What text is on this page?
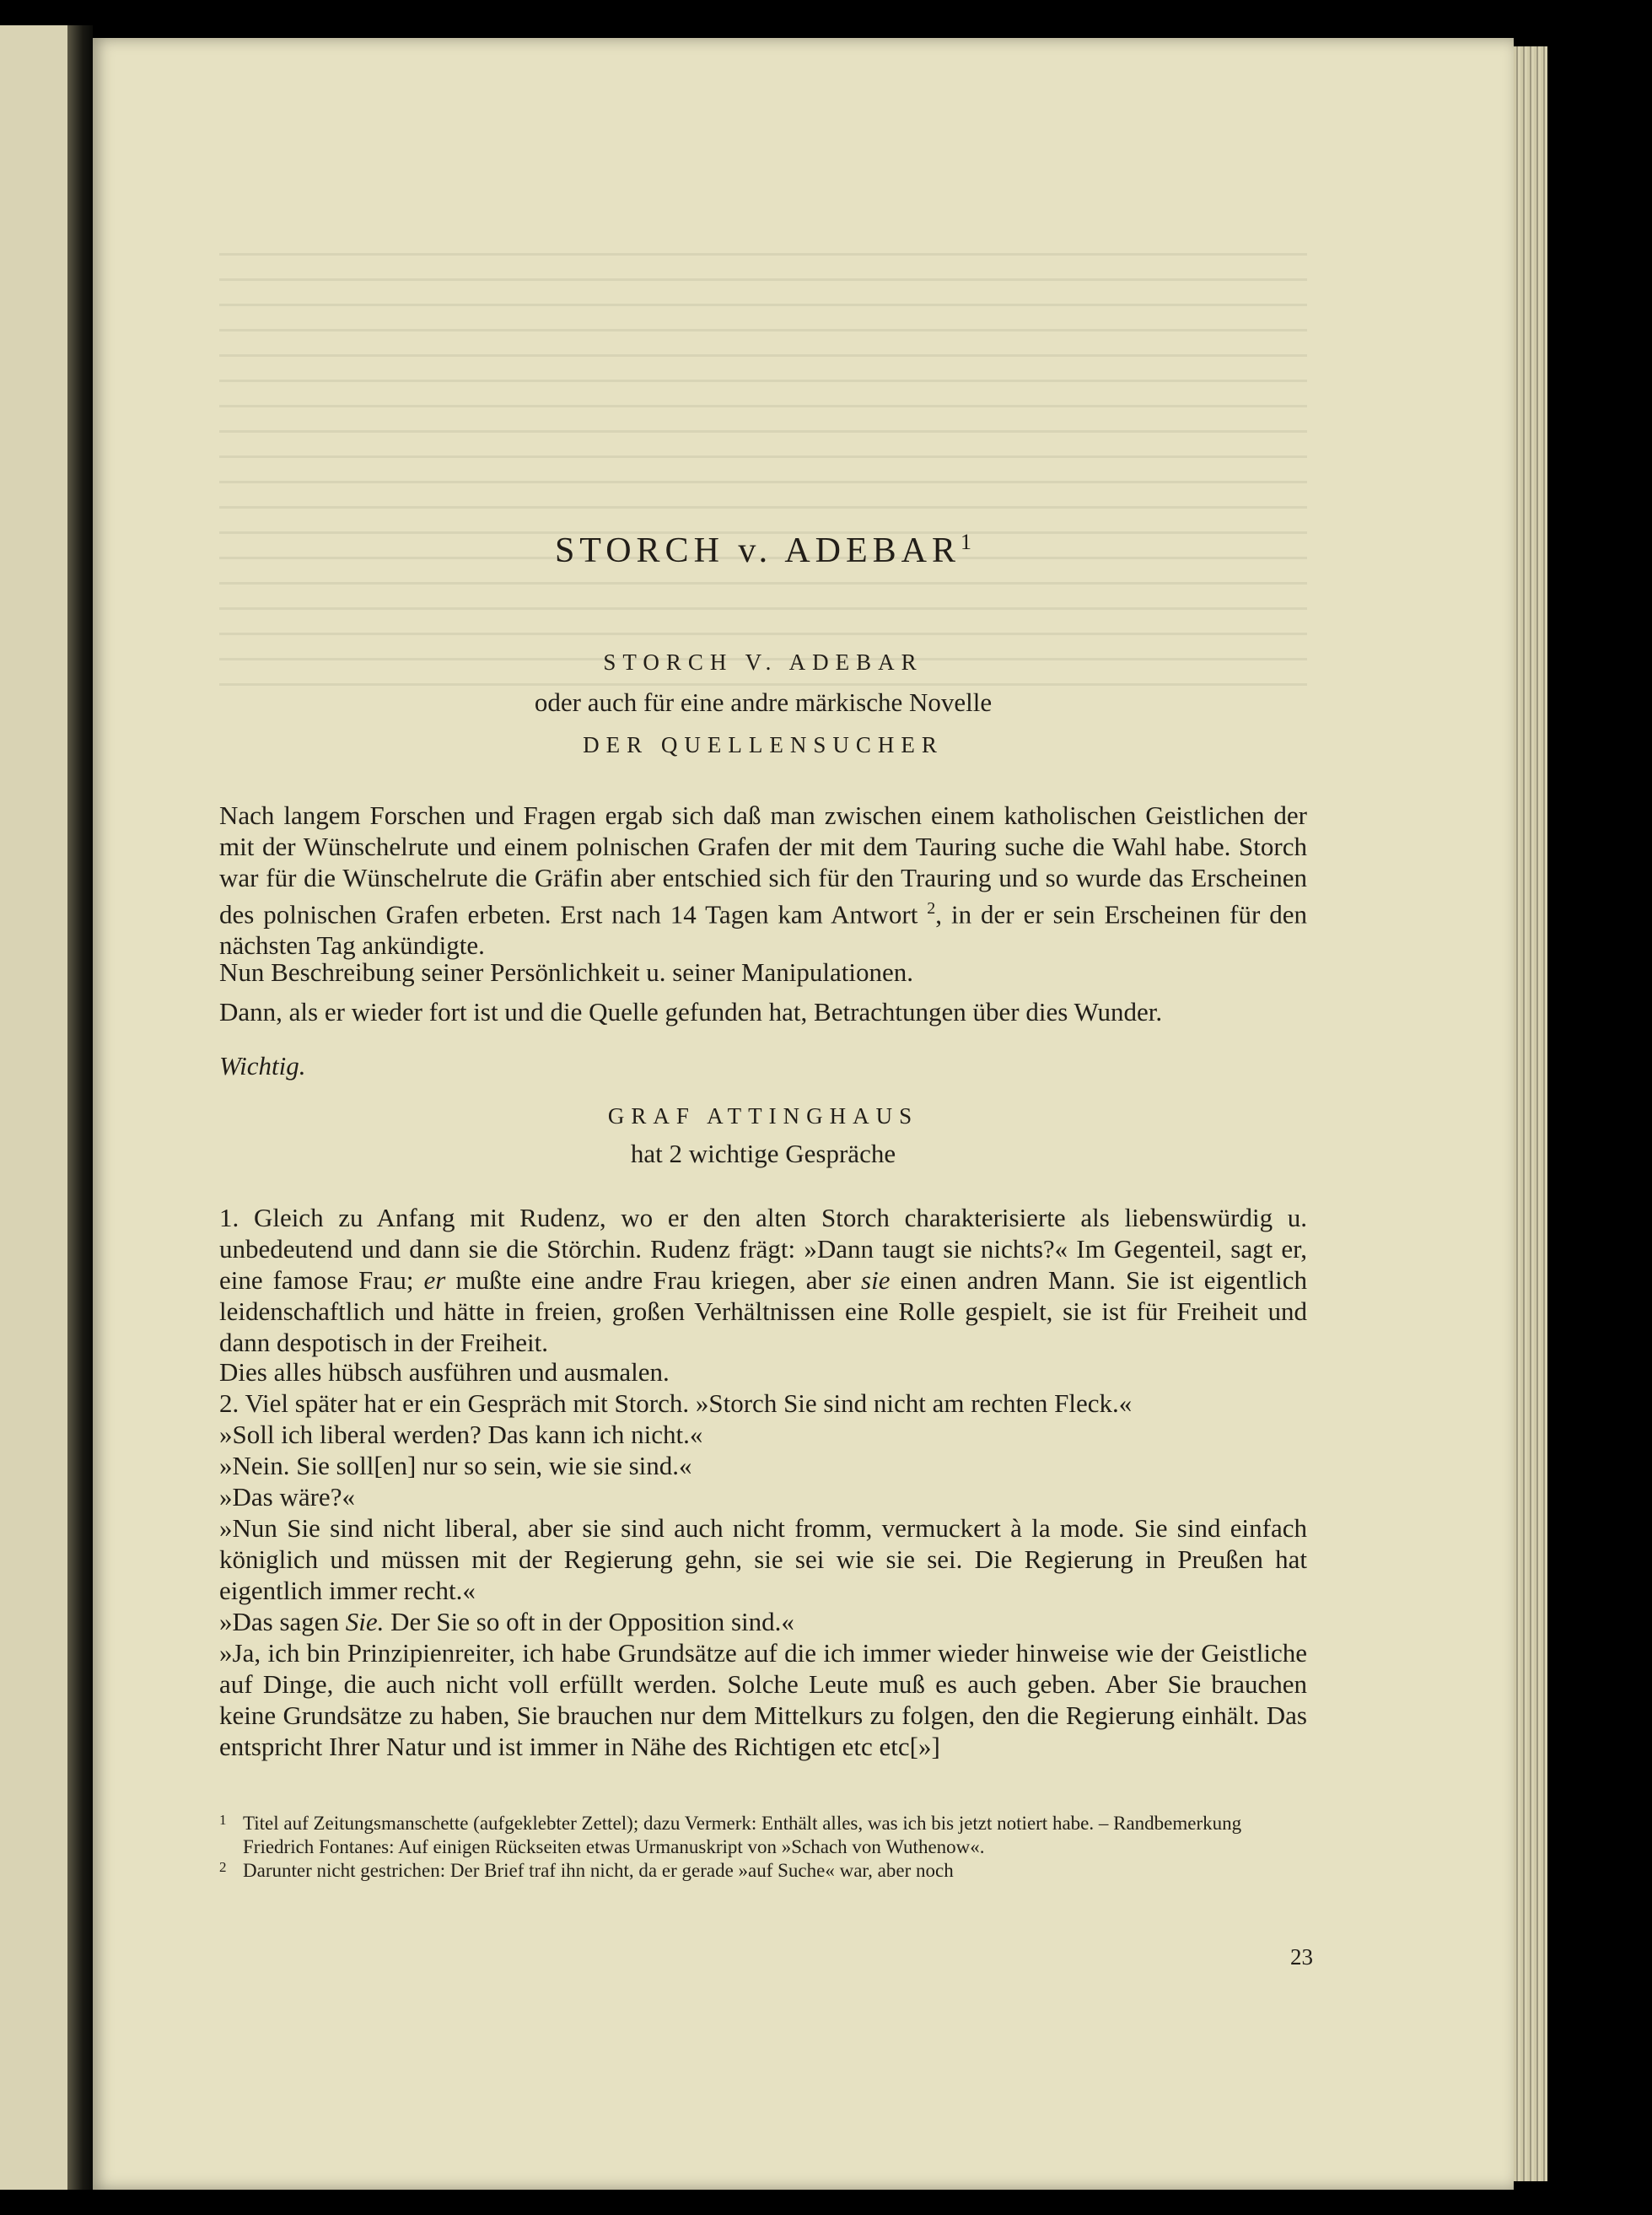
STORCH v. ADEBAR$^1$
STORCH V. ADEBAR
oder auch für eine andre märkische Novelle
DER QUELLENSUCHER
Nach langem Forschen und Fragen ergab sich daß man zwischen einem katholischen Geistlichen der mit der Wünschelrute und einem polnischen Grafen der mit dem Tauring suche die Wahl habe. Storch war für die Wünschelrute die Gräfin aber entschied sich für den Trauring und so wurde das Erscheinen des polnischen Grafen erbeten. Erst nach 14 Tagen kam Antwort $^2$, in der er sein Erscheinen für den nächsten Tag ankündigte.
Nun Beschreibung seiner Persönlichkeit u. seiner Manipulationen.
Dann, als er wieder fort ist und die Quelle gefunden hat, Betrachtungen über dies Wunder.
Wichtig.
GRAF ATTINGHAUS
hat 2 wichtige Gespräche
1. Gleich zu Anfang mit Rudenz, wo er den alten Storch charakterisierte als liebenswürdig u. unbedeutend und dann sie die Störchin. Rudenz frägt: »Dann taugt sie nichts?« Im Gegenteil, sagt er, eine famose Frau; er mußte eine andre Frau kriegen, aber sie einen andren Mann. Sie ist eigentlich leidenschaftlich und hätte in freien, großen Verhältnissen eine Rolle gespielt, sie ist für Freiheit und dann despotisch in der Freiheit.
Dies alles hübsch ausführen und ausmalen.
2. Viel später hat er ein Gespräch mit Storch. »Storch Sie sind nicht am rechten Fleck.«
»Soll ich liberal werden? Das kann ich nicht.«
»Nein. Sie soll[en] nur so sein, wie sie sind.«
»Das wäre?«
»Nun Sie sind nicht liberal, aber sie sind auch nicht fromm, vermuckert à la mode. Sie sind einfach königlich und müssen mit der Regierung gehn, sie sei wie sie sei. Die Regierung in Preußen hat eigentlich immer recht.«
»Das sagen Sie. Der Sie so oft in der Opposition sind.«
»Ja, ich bin Prinzipienreiter, ich habe Grundsätze auf die ich immer wieder hinweise wie der Geistliche auf Dinge, die auch nicht voll erfüllt werden. Solche Leute muß es auch geben. Aber Sie brauchen keine Grundsätze zu haben, Sie brauchen nur dem Mittelkurs zu folgen, den die Regierung einhält. Das entspricht Ihrer Natur und ist immer in Nähe des Richtigen etc etc[»]

1 Titel auf Zeitungsmanschette (aufgeklebter Zettel); dazu Vermerk: Enthält alles, was ich bis jetzt notiert habe. – Randbemerkung Friedrich Fontanes: Auf einigen Rückseiten etwas Urmanuskript von »Schach von Wuthenow«.

2 Darunter nicht gestrichen: Der Brief traf ihn nicht, da er gerade »auf Suche« war, aber noch

23
